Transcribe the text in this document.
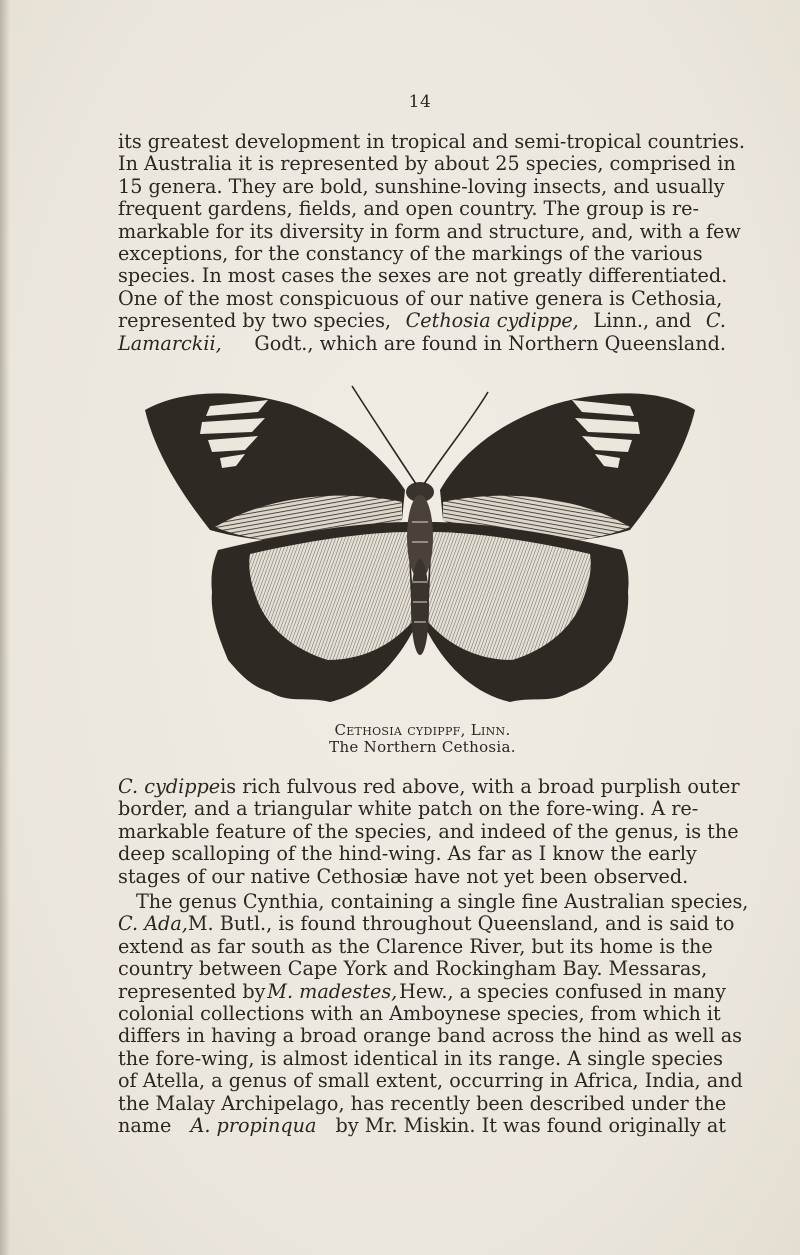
14
its greatest development in tropical and semi-tropical countries.
In Australia it is represented by about 25 species, comprised in
15 genera. They are bold, sunshine-loving insects, and usually
frequent gardens, fields, and open country. The group is re-
markable for its diversity in form and structure, and, with a few
exceptions, for the constancy of the markings of the various
species. In most cases the sexes are not greatly differentiated.
One of the most conspicuous of our native genera is Cethosia,
represented by two species, Cethosia cydippe, Linn., and C.
Lamarckii, Godt., which are found in Northern Queensland.
Cethosia cydippf, Linn.
The Northern Cethosia.
C. cydippe is rich fulvous red above, with a broad purplish outer
border, and a triangular white patch on the fore-wing. A re-
markable feature of the species, and indeed of the genus, is the
deep scalloping of the hind-wing. As far as I know the early
stages of our native Cethosiæ have not yet been observed.
The genus Cynthia, containing a single fine Australian species,
C. Ada, M. Butl., is found throughout Queensland, and is said to
extend as far south as the Clarence River, but its home is the
country between Cape York and Rockingham Bay. Messaras,
represented by M. madestes, Hew., a species confused in many
colonial collections with an Amboynese species, from which it
differs in having a broad orange band across the hind as well as
the fore-wing, is almost identical in its range. A single species
of Atella, a genus of small extent, occurring in Africa, India, and
the Malay Archipelago, has recently been described under the
name A. propinqua by Mr. Miskin. It was found originally at
